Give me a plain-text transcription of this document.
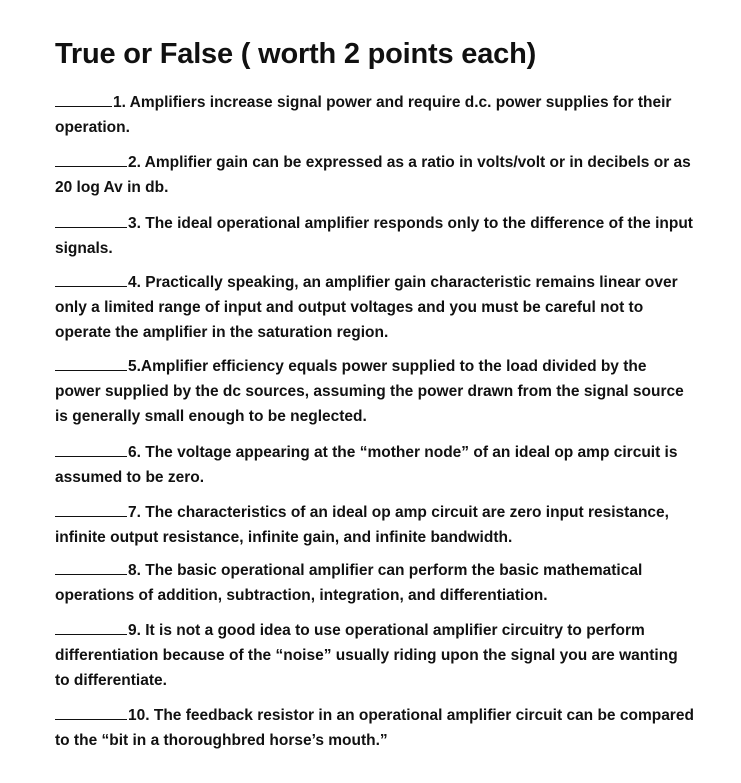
True or False ( worth 2 points each)
1. Amplifiers increase signal power and require d.c. power supplies for their operation.
2. Amplifier gain can be expressed as a ratio in volts/volt or in decibels or as 20 log Av in db.
3. The ideal operational amplifier responds only to the difference of the input signals.
4. Practically speaking, an amplifier gain characteristic remains linear over only a limited range of input and output voltages and you must be careful not to operate the amplifier in the saturation region.
5.Amplifier efficiency equals power supplied to the load divided by the power supplied by the dc sources, assuming the power drawn from the signal source is generally small enough to be neglected.
6. The voltage appearing at the “mother node” of an ideal op amp circuit is assumed to be zero.
7. The characteristics of an ideal op amp circuit are zero input resistance, infinite output resistance, infinite gain, and infinite bandwidth.
8. The basic operational amplifier can perform the basic mathematical operations of addition, subtraction, integration, and differentiation.
9. It is not a good idea to use operational amplifier circuitry to perform differentiation because of the “noise” usually riding upon the signal you are wanting to differentiate.
10. The feedback resistor in an operational amplifier circuit can be compared to the “bit in a thoroughbred horse’s mouth.”
